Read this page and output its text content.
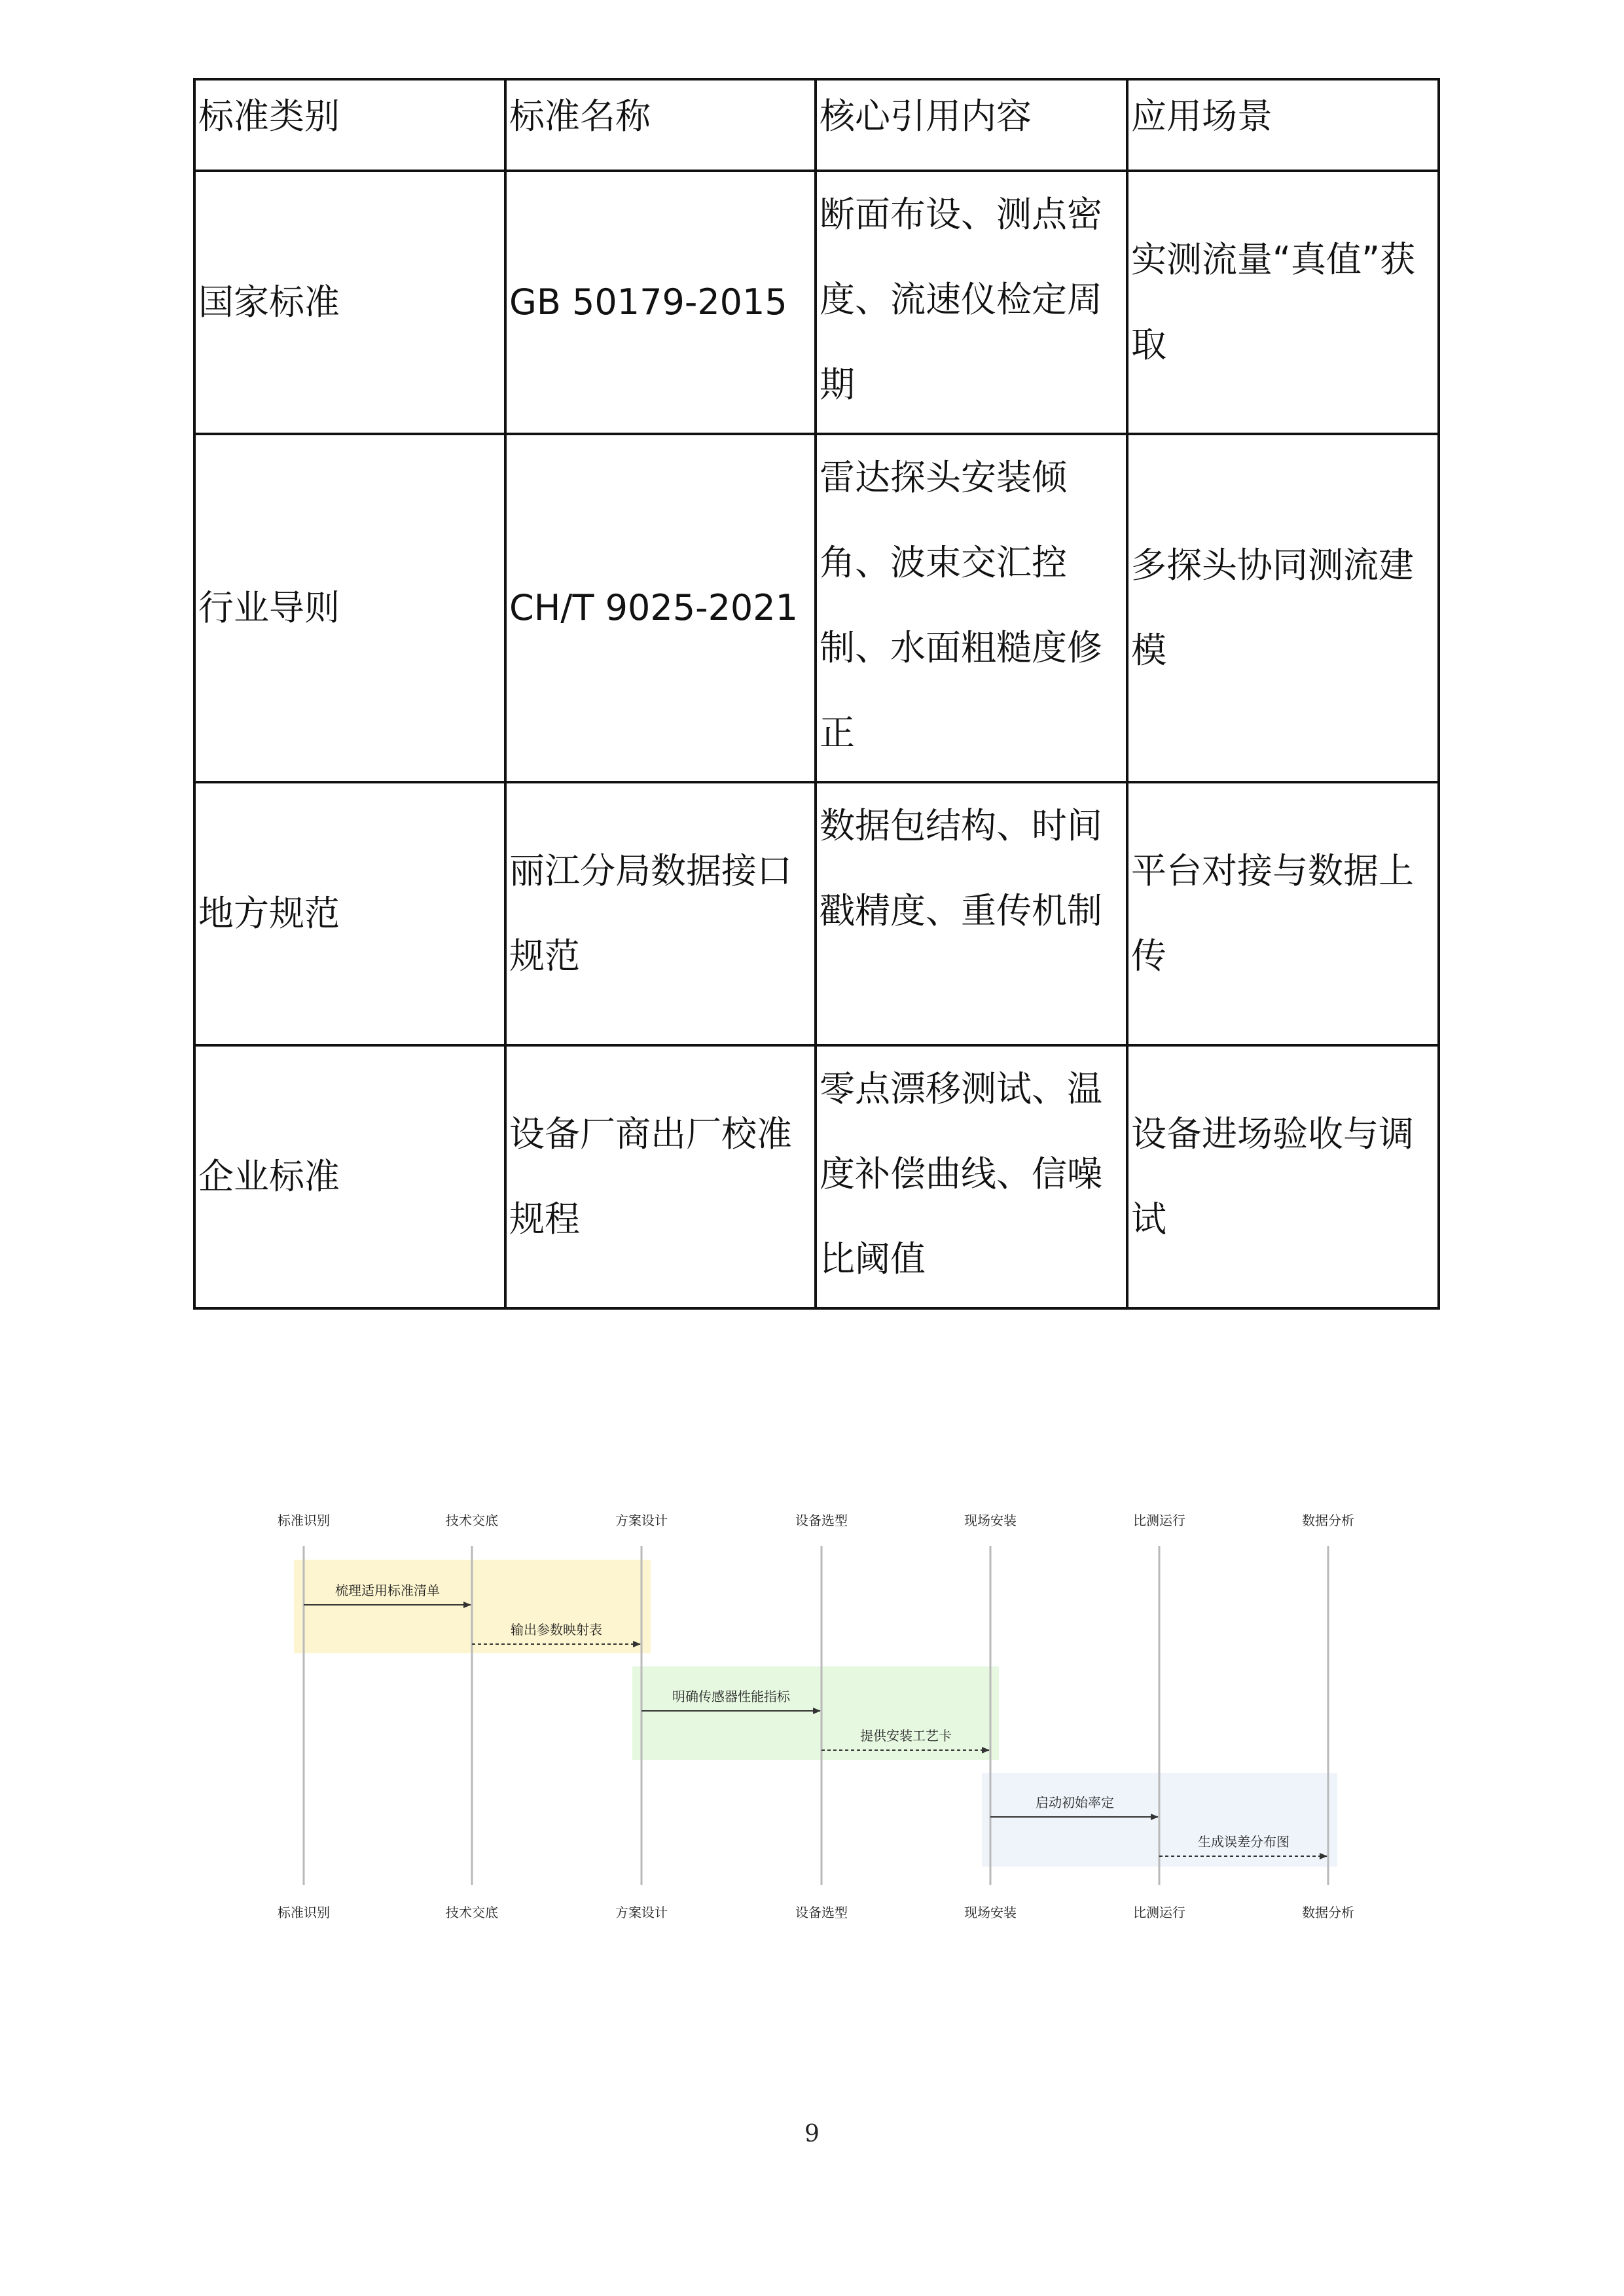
标准类别	标准名称	核心引用内容	应用场景
国家标准	GB 50179-2015	断面布设、测点密度、流速仪检定周期	实测流量“真值”获取
行业导则	CH/T 9025-2021	雷达探头安装倾角、波束交汇控制、水面粗糙度修正	多探头协同测流建模
地方规范	丽江分局数据接口规范	数据包结构、时间戳精度、重传机制	平台对接与数据上传
企业标准	设备厂商出厂校准规程	零点漂移测试、温度补偿曲线、信噪比阈值	设备进场验收与调试
标准识别	技术交底	方案设计	设备选型	现场安装	比测运行	数据分析
标准识别	技术交底	方案设计	设备选型	现场安装	比测运行	数据分析
梳理适用标准清单
输出参数映射表
明确传感器性能指标
提供安装工艺卡
启动初始率定
生成误差分布图
9
